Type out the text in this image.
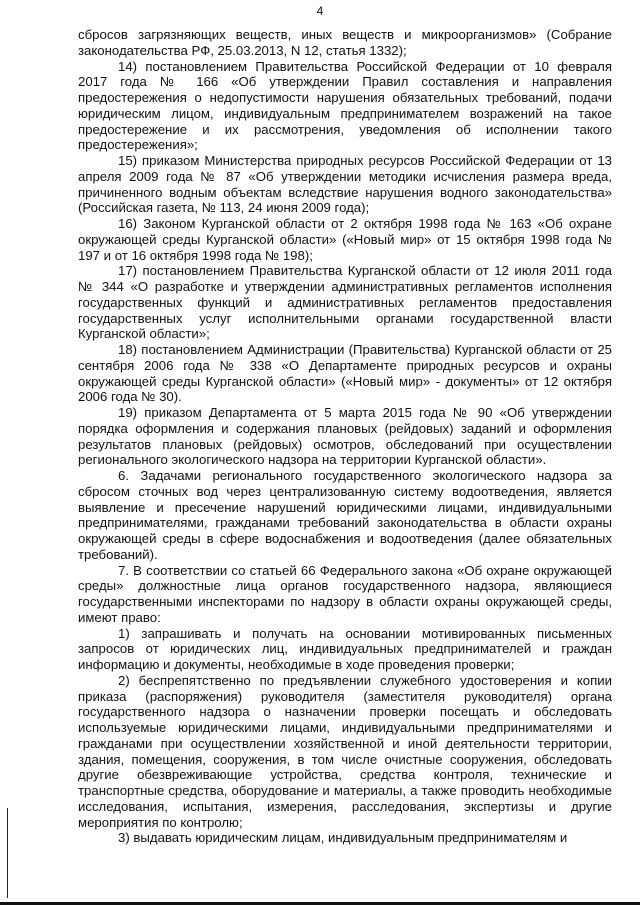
4

сбросов загрязняющих веществ, иных веществ и микроорганизмов» (Собрание законодательства РФ, 25.03.2013, N 12, статья 1332);

14) постановлением Правительства Российской Федерации от 10 февраля 2017 года № 166 «Об утверждении Правил составления и направления предостережения о недопустимости нарушения обязательных требований, подачи юридическим лицом, индивидуальным предпринимателем возражений на такое предостережение и их рассмотрения, уведомления об исполнении такого предостережения»;

15) приказом Министерства природных ресурсов Российской Федерации от 13 апреля 2009 года № 87 «Об утверждении методики исчисления размера вреда, причиненного водным объектам вследствие нарушения водного законодательства» (Российская газета, № 113, 24 июня 2009 года);

16) Законом Курганской области от 2 октября 1998 года № 163 «Об охране окружающей среды Курганской области» («Новый мир» от 15 октября 1998 года № 197 и от 16 октября 1998 года № 198);

17) постановлением Правительства Курганской области от 12 июля 2011 года № 344 «О разработке и утверждении административных регламентов исполнения государственных функций и административных регламентов предоставления государственных услуг исполнительными органами государственной власти Курганской области»;

18) постановлением Администрации (Правительства) Курганской области от 25 сентября 2006 года № 338 «О Департаменте природных ресурсов и охраны окружающей среды Курганской области» («Новый мир» - документы» от 12 октября 2006 года № 30).

19) приказом Департамента от 5 марта 2015 года № 90 «Об утверждении порядка оформления и содержания плановых (рейдовых) заданий и оформления результатов плановых (рейдовых) осмотров, обследований при осуществлении регионального экологического надзора на территории Курганской области».

6. Задачами регионального государственного экологического надзора за сбросом сточных вод через централизованную систему водоотведения, является выявление и пресечение нарушений юридическими лицами, индивидуальными предпринимателями, гражданами требований законодательства в области охраны окружающей среды в сфере водоснабжения и водоотведения (далее обязательных требований).

7. В соответствии со статьей 66 Федерального закона «Об охране окружающей среды» должностные лица органов государственного надзора, являющиеся государственными инспекторами по надзору в области охраны окружающей среды, имеют право:

1) запрашивать и получать на основании мотивированных письменных запросов от юридических лиц, индивидуальных предпринимателей и граждан информацию и документы, необходимые в ходе проведения проверки;

2) беспрепятственно по предъявлении служебного удостоверения и копии приказа (распоряжения) руководителя (заместителя руководителя) органа государственного надзора о назначении проверки посещать и обследовать используемые юридическими лицами, индивидуальными предпринимателями и гражданами при осуществлении хозяйственной и иной деятельности территории, здания, помещения, сооружения, в том числе очистные сооружения, обследовать другие обезвреживающие устройства, средства контроля, технические и транспортные средства, оборудование и материалы, а также проводить необходимые исследования, испытания, измерения, расследования, экспертизы и другие мероприятия по контролю;

3) выдавать юридическим лицам, индивидуальным предпринимателям и
